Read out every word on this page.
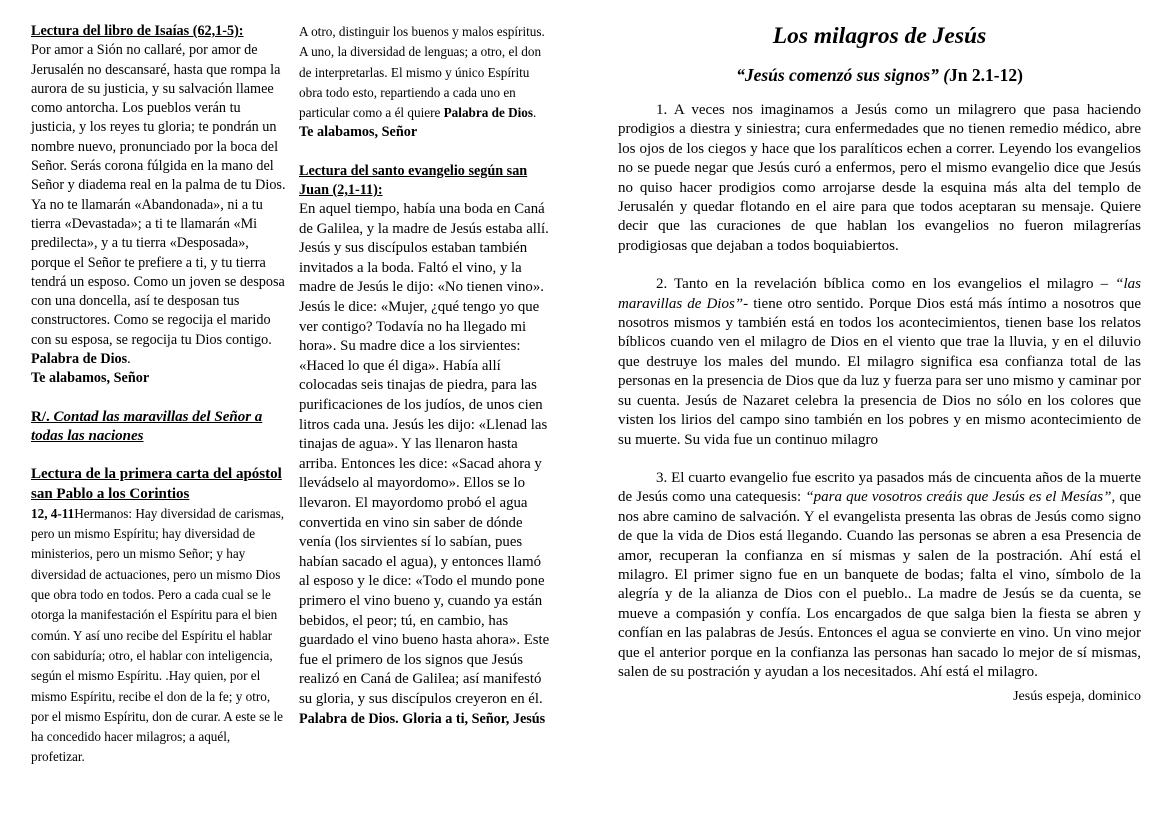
Lectura del libro de Isaías (62,1-5):

Por amor a Sión no callaré, por amor de Jerusalén no descansaré, hasta que rompa la aurora de su justicia, y su salvación llamee como antorcha. Los pueblos verán tu justicia, y los reyes tu gloria; te pondrán un nombre nuevo, pronunciado por la boca del Señor. Serás corona fúlgida en la mano del Señor y diadema real en la palma de tu Dios. Ya no te llamarán «Abandonada», ni a tu tierra «Devastada»; a ti te llamarán «Mi predilecta», y a tu tierra «Desposada», porque el Señor te prefiere a ti, y tu tierra tendrá un esposo. Como un joven se desposa con una doncella, así te desposan tus constructores. Como se regocija el marido con su esposa, se regocija tu Dios contigo. Palabra de Dios.

Te alabamos, Señor

R/. Contad las maravillas del Señor a todas las naciones

Lectura de la primera carta del apóstol san Pablo a los Corintios

12, 4-11Hermanos: Hay diversidad de carismas, pero un mismo Espíritu; hay diversidad de ministerios, pero un mismo Señor; y hay diversidad de actuaciones, pero un mismo Dios que obra todo en todos. Pero a cada cual se le otorga la manifestación el Espíritu para el bien común. Y así uno recibe del Espíritu el hablar con sabiduría; otro, el hablar con inteligencia, según el mismo Espíritu. .Hay quien, por el mismo Espíritu, recibe el don de la fe; y otro, por el mismo Espíritu, don de curar. A este se le ha concedido hacer milagros; a aquél, profetizar.

A otro, distinguir los buenos y malos espíritus. A uno, la diversidad de lenguas; a otro, el don de interpretarlas. El mismo y único Espíritu obra todo esto, repartiendo a cada uno en particular como a él quiere Palabra de Dios.

Te alabamos, Señor

Lectura del santo evangelio según san Juan (2,1-11):

En aquel tiempo, había una boda en Caná de Galilea, y la madre de Jesús estaba allí. Jesús y sus discípulos estaban también invitados a la boda. Faltó el vino, y la madre de Jesús le dijo: «No tienen vino». Jesús le dice: «Mujer, ¿qué tengo yo que ver contigo? Todavía no ha llegado mi hora». Su madre dice a los sirvientes: «Haced lo que él diga». Había allí colocadas seis tinajas de piedra, para las purificaciones de los judíos, de unos cien litros cada una. Jesús les dijo: «Llenad las tinajas de agua». Y las llenaron hasta arriba. Entonces les dice: «Sacad ahora y llevádselo al mayordomo». Ellos se lo llevaron. El mayordomo probó el agua convertida en vino sin saber de dónde venía (los sirvientes sí lo sabían, pues habían sacado el agua), y entonces llamó al esposo y le dice: «Todo el mundo pone primero el vino bueno y, cuando ya están bebidos, el peor; tú, en cambio, has guardado el vino bueno hasta ahora». Este fue el primero de los signos que Jesús realizó en Caná de Galilea; así manifestó su gloria, y sus discípulos creyeron en él. Palabra de Dios. Gloria a ti, Señor, Jesús

Los milagros de Jesús

“Jesús comenzó sus signos” (Jn 2.1-12)

1. A veces nos imaginamos a Jesús como un milagrero que pasa haciendo prodigios a diestra y siniestra; cura enfermedades que no tienen remedio médico, abre los ojos de los ciegos y hace que los paralíticos echen a correr. Leyendo los evangelios no se puede negar que Jesús curó a enfermos, pero el mismo evangelio dice que Jesús no quiso hacer prodigios como arrojarse desde la esquina más alta del templo de Jerusalén y quedar flotando en el aire para que todos aceptaran su mensaje. Quiere decir que las curaciones de que hablan los evangelios no fueron milagrerías prodigiosas que dejaban a todos boquiabiertos.

2. Tanto en la revelación bíblica como en los evangelios el milagro – “las maravillas de Dios”- tiene otro sentido. Porque Dios está más íntimo a nosotros que nosotros mismos y también está en todos los acontecimientos, tienen base los relatos bíblicos cuando ven el milagro de Dios en el viento que trae la lluvia, y en el diluvio que destruye los males del mundo. El milagro significa esa confianza total de las personas en la presencia de Dios que da luz y fuerza para ser uno mismo y caminar por su cuenta. Jesús de Nazaret celebra la presencia de Dios no sólo en los colores que visten los lirios del campo sino también en los pobres y en mismo acontecimiento de su muerte. Su vida fue un continuo milagro

3. El cuarto evangelio fue escrito ya pasados más de cincuenta años de la muerte de Jesús como una catequesis: “para que vosotros creáis que Jesús es el Mesías”, que nos abre camino de salvación. Y el evangelista presenta las obras de Jesús como signo de que la vida de Dios está llegando. Cuando las personas se abren a esa Presencia de amor, recuperan la confianza en sí mismas y salen de la postración. Ahí está el milagro. El primer signo fue en un banquete de bodas; falta el vino, símbolo de la alegría y de la alianza de Dios con el pueblo.. La madre de Jesús se da cuenta, se mueve a compasión y confía. Los encargados de que salga bien la fiesta se abren y confían en las palabras de Jesús. Entonces el agua se convierte en vino. Un vino mejor que el anterior porque en la confianza las personas han sacado lo mejor de sí mismas, salen de su postración y ayudan a los necesitados. Ahí está el milagro.

Jesús espeja, dominico
